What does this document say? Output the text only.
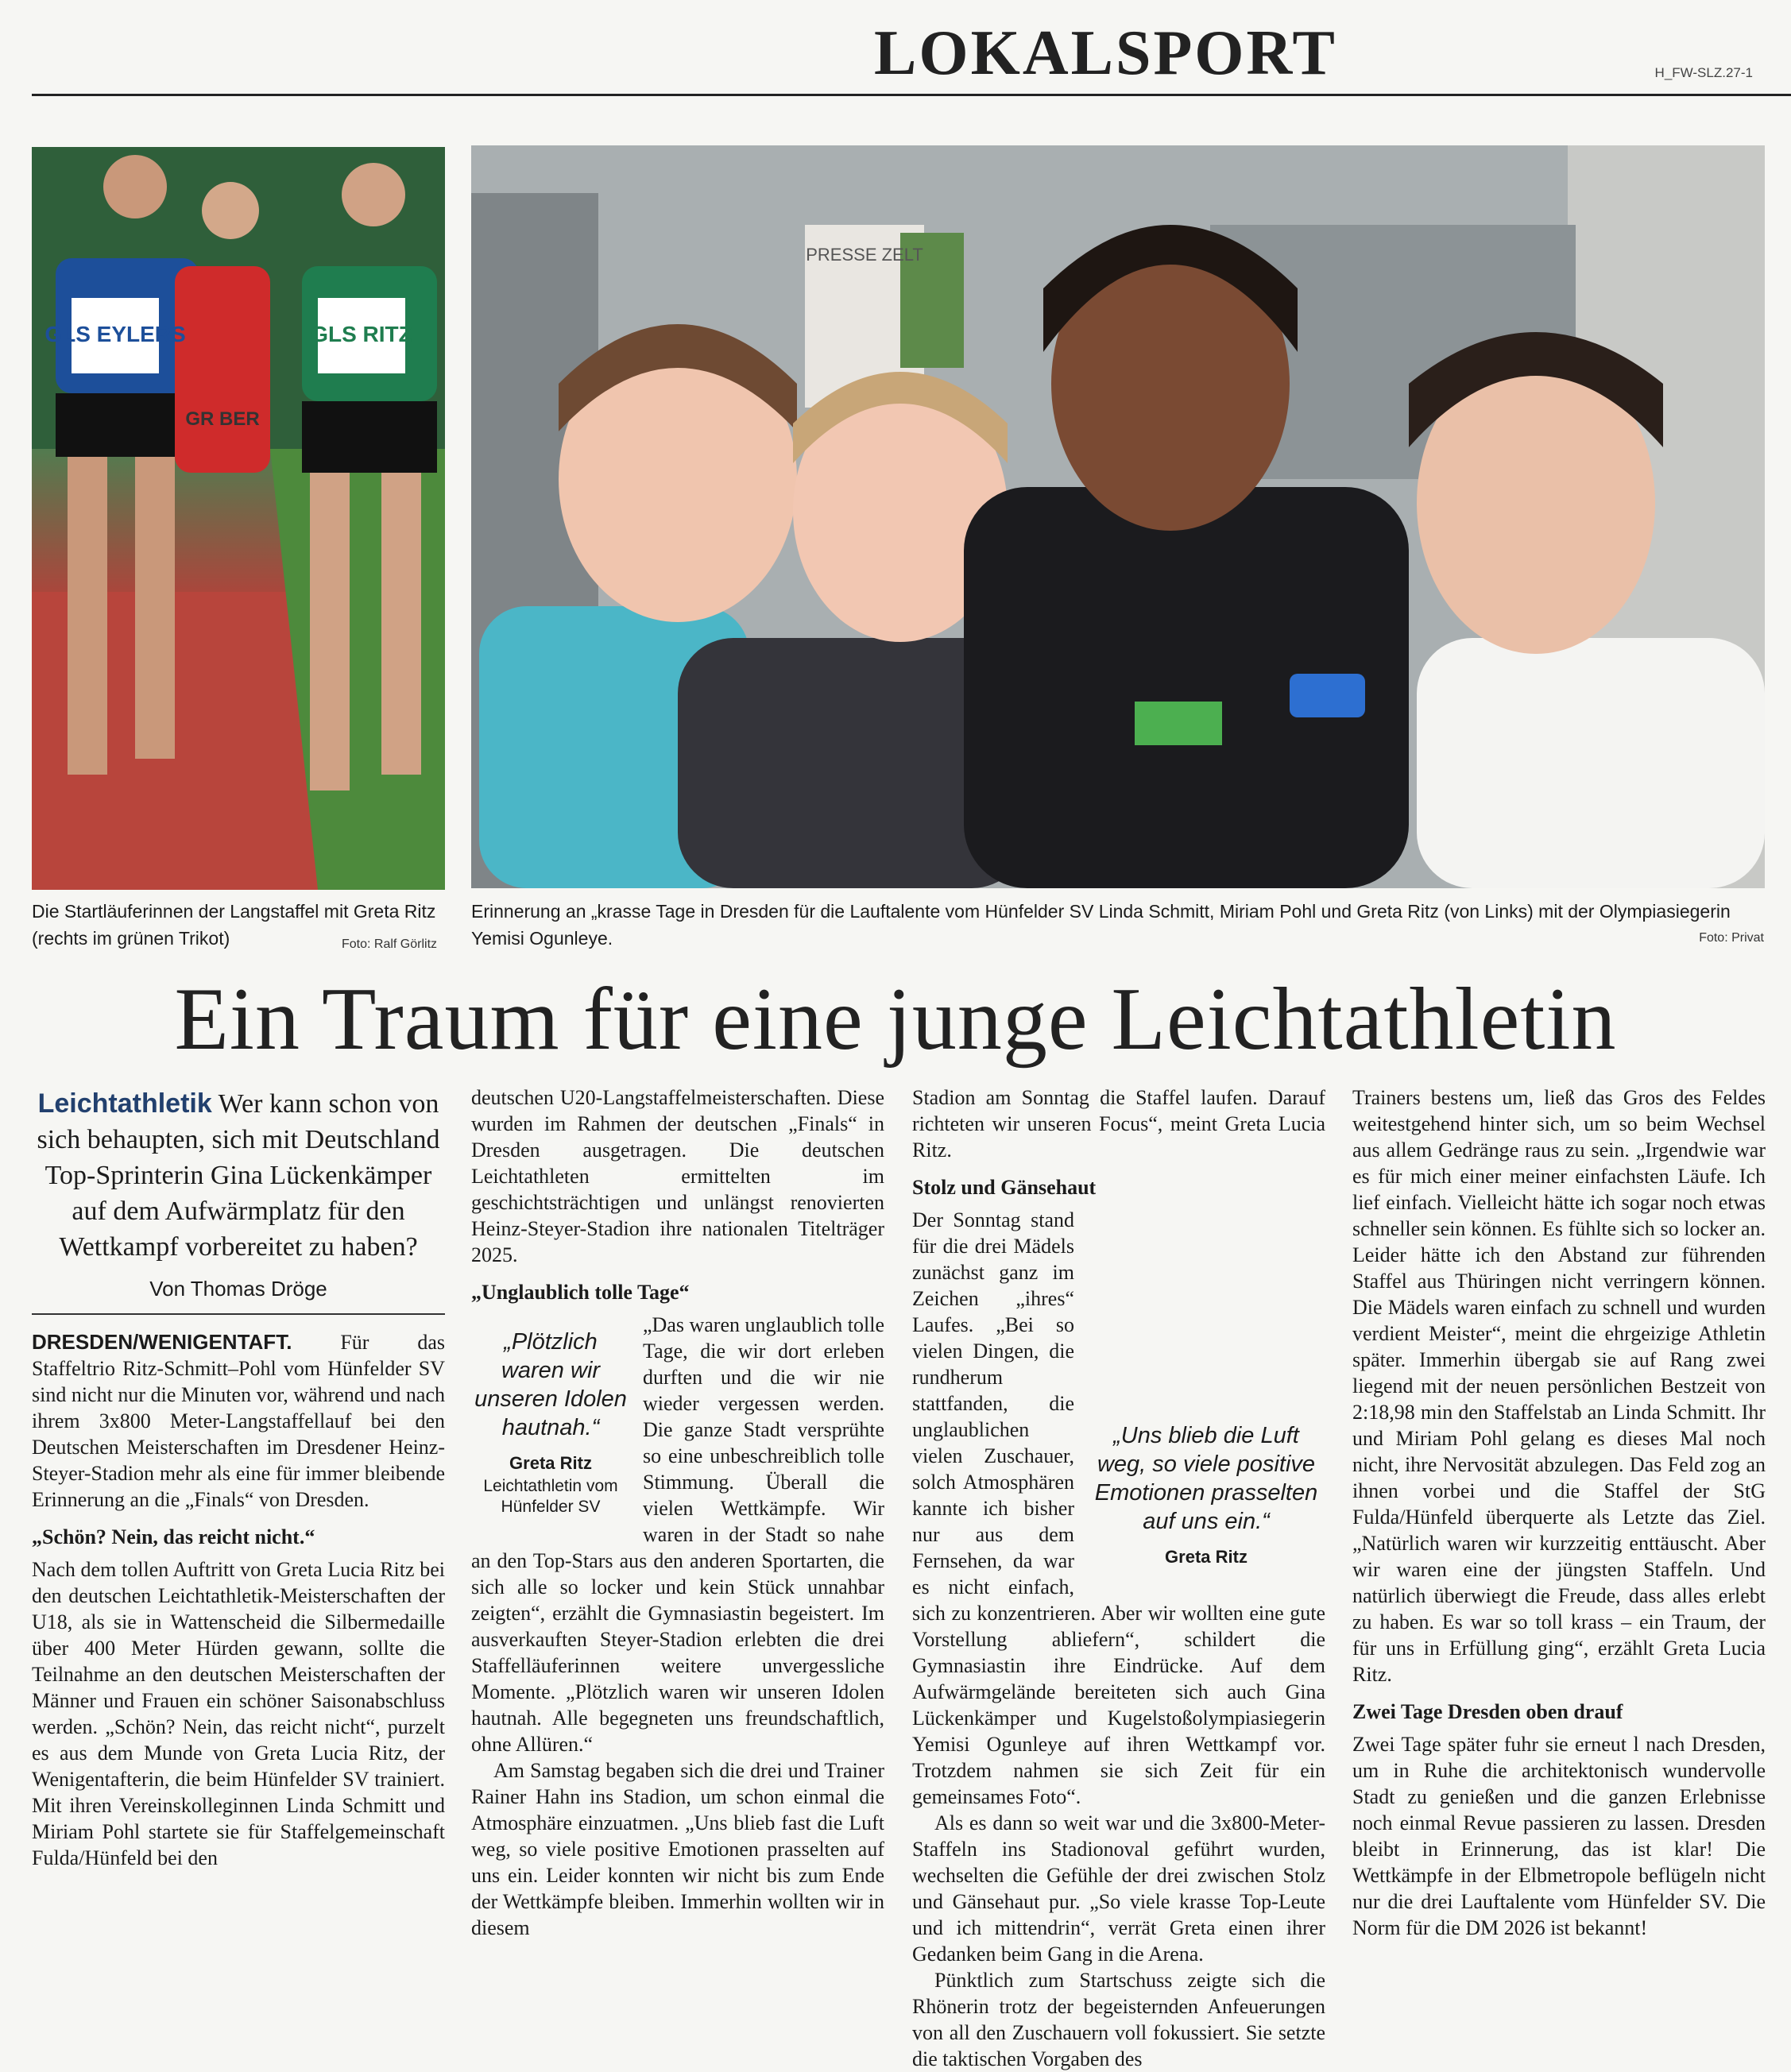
LOKALSPORT	H_FW-SLZ.27-1
GLS EYLERS	GLS RITZ
GR BER
PRESSE ZELT
Die Startläuferinnen der Langstaffel mit Greta Ritz (rechts im grünen Trikot)	Foto: Ralf Görlitz
Erinnerung an „krasse Tage in Dresden für die Lauftalente vom Hünfelder SV Linda Schmitt, Miriam Pohl und Greta Ritz (von Links) mit der Olympiasiegerin Yemisi Ogunleye.	Foto: Privat
Ein Traum für eine junge Leichtathletin
Leichtathletik Wer kann schon von sich behaupten, sich mit Deutschland Top-Sprinterin Gina Lückenkämper auf dem Aufwärmplatz für den Wettkampf vorbereitet zu haben?
Von Thomas Dröge

DRESDEN/WENIGENTAFT. Für das Staffeltrio Ritz-Schmitt–Pohl vom Hünfelder SV sind nicht nur die Minuten vor, während und nach ihrem 3x800 Meter-Langstaffellauf bei den Deutschen Meisterschaften im Dresdener Heinz-Steyer-Stadion mehr als eine für immer bleibende Erinnerung an die „Finals“ von Dresden.

„Schön? Nein, das reicht nicht.“

Nach dem tollen Auftritt von Greta Lucia Ritz bei den deutschen Leichtathletik-Meisterschaften der U18, als sie in Wattenscheid die Silbermedaille über 400 Meter Hürden gewann, sollte die Teilnahme an den deutschen Meisterschaften der Männer und Frauen ein schöner Saisonabschluss werden. „Schön? Nein, das reicht nicht“, purzelt es aus dem Munde von Greta Lucia Ritz, der Wenigentafterin, die beim Hünfelder SV trainiert. Mit ihren Vereinskolleginnen Linda Schmitt und Miriam Pohl startete sie für Staffelgemeinschaft Fulda/Hünfeld bei den

deutschen U20-Langstaffelmeisterschaften. Diese wurden im Rahmen der deutschen „Finals“ in Dresden ausgetragen. Die deutschen Leichtathleten ermittelten im geschichtsträchtigen und unlängst renovierten Heinz-Steyer-Stadion ihre nationalen Titelträger 2025.

„Unglaublich tolle Tage“
„Plötzlich waren wir unseren Idolen hautnah.“
Greta Ritz
Leichtathletin vom Hünfelder SV

„Das waren unglaublich tolle Tage, die wir dort erleben durften und die wir nie wieder vergessen werden. Die ganze Stadt versprühte so eine unbeschreiblich tolle Stimmung. Überall die vielen Wettkämpfe. Wir waren in der Stadt so nahe an den Top-Stars aus den anderen Sportarten, die sich alle so locker und kein Stück unnahbar zeigten“, erzählt die Gymnasiastin begeistert. Im ausverkauften Steyer-Stadion erlebten die drei Staffelläuferinnen weitere unvergessliche Momente. „Plötzlich waren wir unseren Idolen hautnah. Alle begegneten uns freundschaftlich, ohne Allüren.“

Am Samstag begaben sich die drei und Trainer Rainer Hahn ins Stadion, um schon einmal die Atmosphäre einzuatmen. „Uns blieb fast die Luft weg, so viele positive Emotionen prasselten auf uns ein. Leider konnten wir nicht bis zum Ende der Wettkämpfe bleiben. Immerhin wollten wir in diesem

Stadion am Sonntag die Staffel laufen. Darauf richteten wir unseren Focus“, meint Greta Lucia Ritz.

Stolz und Gänsehaut
„Uns blieb die Luft weg, so viele positive Emotionen prasselten auf uns ein.“
Greta Ritz

Der Sonntag stand für die drei Mädels zunächst ganz im Zeichen „ihres“ Laufes. „Bei so vielen Dingen, die rundherum stattfanden, die unglaublichen vielen Zuschauer, solch Atmosphären kannte ich bisher nur aus dem Fernsehen, da war es nicht einfach, sich zu konzentrieren. Aber wir wollten eine gute Vorstellung abliefern“, schildert die Gymnasiastin ihre Eindrücke. Auf dem Aufwärmgelände bereiteten sich auch Gina Lückenkämper und Kugelstoßolympiasiegerin Yemisi Ogunleye auf ihren Wettkampf vor. Trotzdem nahmen sie sich Zeit für ein gemeinsames Foto“.

Als es dann so weit war und die 3x800-Meter-Staffeln ins Stadionoval geführt wurden, wechselten die Gefühle der drei zwischen Stolz und Gänsehaut pur. „So viele krasse Top-Leute und ich mittendrin“, verrät Greta einen ihrer Gedanken beim Gang in die Arena.

Pünktlich zum Startschuss zeigte sich die Rhönerin trotz der begeisternden Anfeuerungen von all den Zuschauern voll fokussiert. Sie setzte die taktischen Vorgaben des

Trainers bestens um, ließ das Gros des Feldes weitestgehend hinter sich, um so beim Wechsel aus allem Gedränge raus zu sein. „Irgendwie war es für mich einer meiner einfachsten Läufe. Ich lief einfach. Vielleicht hätte ich sogar noch etwas schneller sein können. Es fühlte sich so locker an. Leider hätte ich den Abstand zur führenden Staffel aus Thüringen nicht verringern können. Die Mädels waren einfach zu schnell und wurden verdient Meister“, meint die ehrgeizige Athletin später. Immerhin übergab sie auf Rang zwei liegend mit der neuen persönlichen Bestzeit von 2:18,98 min den Staffelstab an Linda Schmitt. Ihr und Miriam Pohl gelang es dieses Mal noch nicht, ihre Nervosität abzulegen. Das Feld zog an ihnen vorbei und die Staffel der StG Fulda/Hünfeld überquerte als Letzte das Ziel. „Natürlich waren wir kurzzeitig enttäuscht. Aber wir waren eine der jüngsten Staffeln. Und natürlich überwiegt die Freude, dass alles erlebt zu haben. Es war so toll krass – ein Traum, der für uns in Erfüllung ging“, erzählt Greta Lucia Ritz.

Zwei Tage Dresden oben drauf

Zwei Tage später fuhr sie erneut l nach Dresden, um in Ruhe die architektonisch wundervolle Stadt zu genießen und die ganzen Erlebnisse noch einmal Revue passieren zu lassen. Dresden bleibt in Erinnerung, das ist klar! Die Wettkämpfe in der Elbmetropole beflügeln nicht nur die drei Lauftalente vom Hünfelder SV. Die Norm für die DM 2026 ist bekannt!
